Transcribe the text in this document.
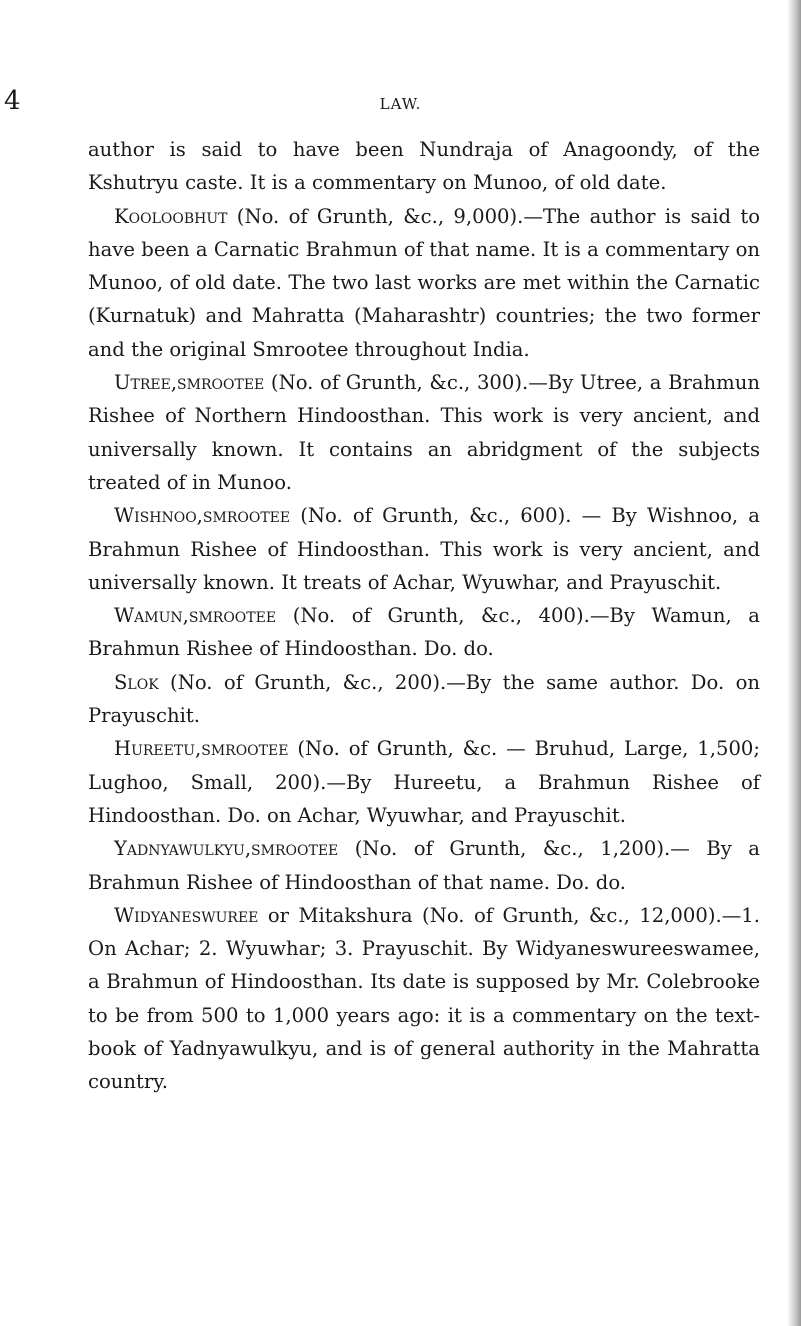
4	LAW.

author is said to have been Nundraja of Anagoondy, of the Kshutryu caste. It is a commentary on Munoo, of old date.

Kooloobhut (No. of Grunth, &c., 9,000).—The author is said to have been a Carnatic Brahmun of that name. It is a commentary on Munoo, of old date. The two last works are met within the Carnatic (Kurnatuk) and Mahratta (Maharashtr) countries; the two former and the original Smrootee throughout India.

Utree,smrootee (No. of Grunth, &c., 300).—By Utree, a Brahmun Rishee of Northern Hindoosthan. This work is very ancient, and universally known. It contains an abridgment of the subjects treated of in Munoo.

Wishnoo,smrootee (No. of Grunth, &c., 600). — By Wishnoo, a Brahmun Rishee of Hindoosthan. This work is very ancient, and universally known. It treats of Achar, Wyuwhar, and Prayuschit.

Wamun,smrootee (No. of Grunth, &c., 400).—By Wamun, a Brahmun Rishee of Hindoosthan. Do. do.

Slok (No. of Grunth, &c., 200).—By the same author. Do. on Prayuschit.

Hureetu,smrootee (No. of Grunth, &c. — Bruhud, Large, 1,500; Lughoo, Small, 200).—By Hureetu, a Brahmun Rishee of Hindoosthan. Do. on Achar, Wyuwhar, and Prayuschit.

Yadnyawulkyu,smrootee (No. of Grunth, &c., 1,200).— By a Brahmun Rishee of Hindoosthan of that name. Do. do.

Widyaneswuree or Mitakshura (No. of Grunth, &c., 12,000).—1. On Achar; 2. Wyuwhar; 3. Prayuschit. By Widyaneswureeswamee, a Brahmun of Hindoosthan. Its date is supposed by Mr. Colebrooke to be from 500 to 1,000 years ago: it is a commentary on the text-book of Yadnyawulkyu, and is of general authority in the Mahratta country.
